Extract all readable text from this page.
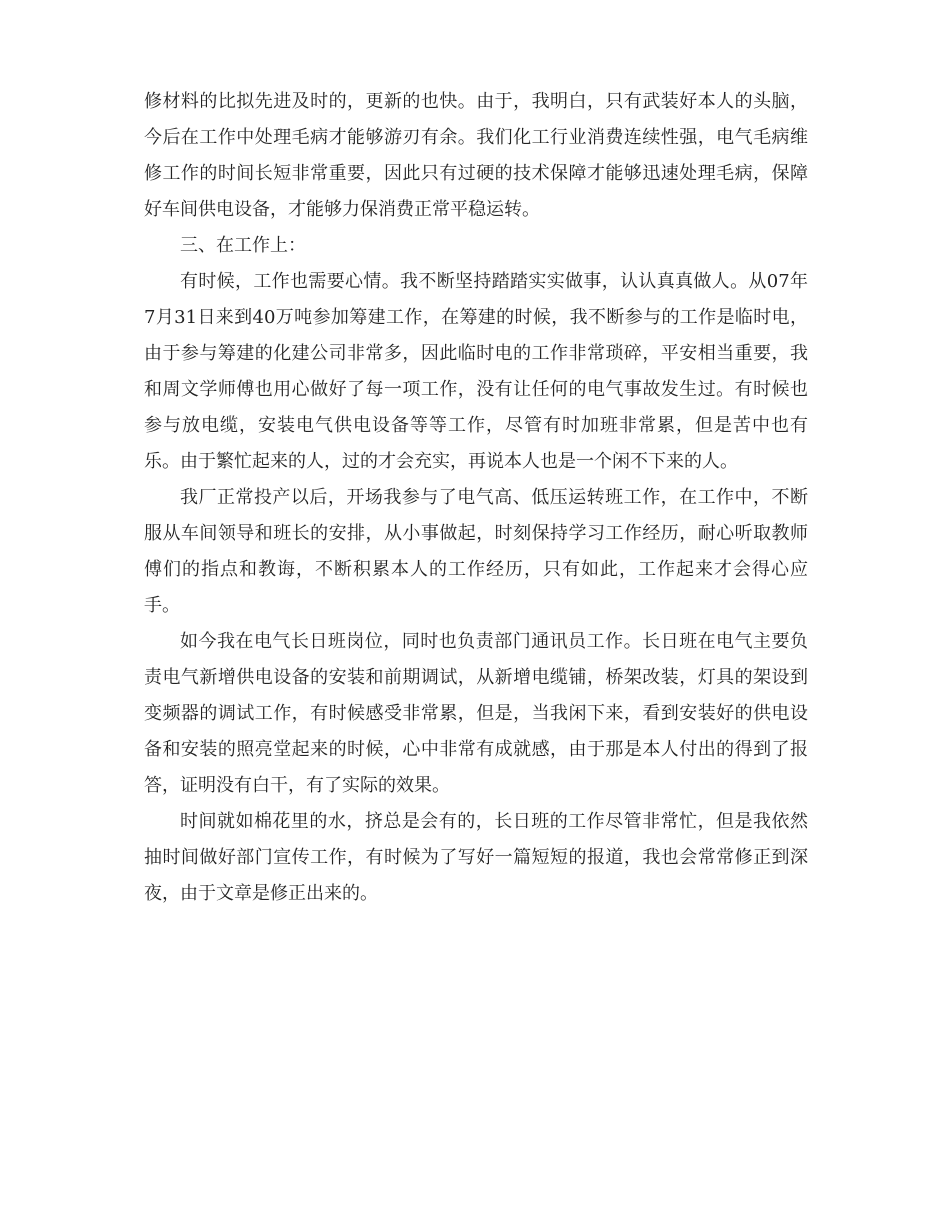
修材料的比拟先进及时的，更新的也快。由于，我明白，只有武装好本人的头脑，今后在工作中处理毛病才能够游刃有余。我们化工行业消费连续性强，电气毛病维修工作的时间长短非常重要，因此只有过硬的技术保障才能够迅速处理毛病，保障好车间供电设备，才能够力保消费正常平稳运转。

三、在工作上：

有时候，工作也需要心情。我不断坚持踏踏实实做事，认认真真做人。从07年7月31日来到40万吨参加筹建工作，在筹建的时候，我不断参与的工作是临时电，由于参与筹建的化建公司非常多，因此临时电的工作非常琐碎，平安相当重要，我和周文学师傅也用心做好了每一项工作，没有让任何的电气事故发生过。有时候也参与放电缆，安装电气供电设备等等工作，尽管有时加班非常累，但是苦中也有乐。由于繁忙起来的人，过的才会充实，再说本人也是一个闲不下来的人。

我厂正常投产以后，开场我参与了电气高、低压运转班工作，在工作中，不断服从车间领导和班长的安排，从小事做起，时刻保持学习工作经历，耐心听取教师傅们的指点和教诲，不断积累本人的工作经历，只有如此，工作起来才会得心应手。

如今我在电气长日班岗位，同时也负责部门通讯员工作。长日班在电气主要负责电气新增供电设备的安装和前期调试，从新增电缆铺，桥架改装，灯具的架设到变频器的调试工作，有时候感受非常累，但是，当我闲下来，看到安装好的供电设备和安装的照亮堂起来的时候，心中非常有成就感，由于那是本人付出的得到了报答，证明没有白干，有了实际的效果。

时间就如棉花里的水，挤总是会有的，长日班的工作尽管非常忙，但是我依然抽时间做好部门宣传工作，有时候为了写好一篇短短的报道，我也会常常修正到深夜，由于文章是修正出来的。
